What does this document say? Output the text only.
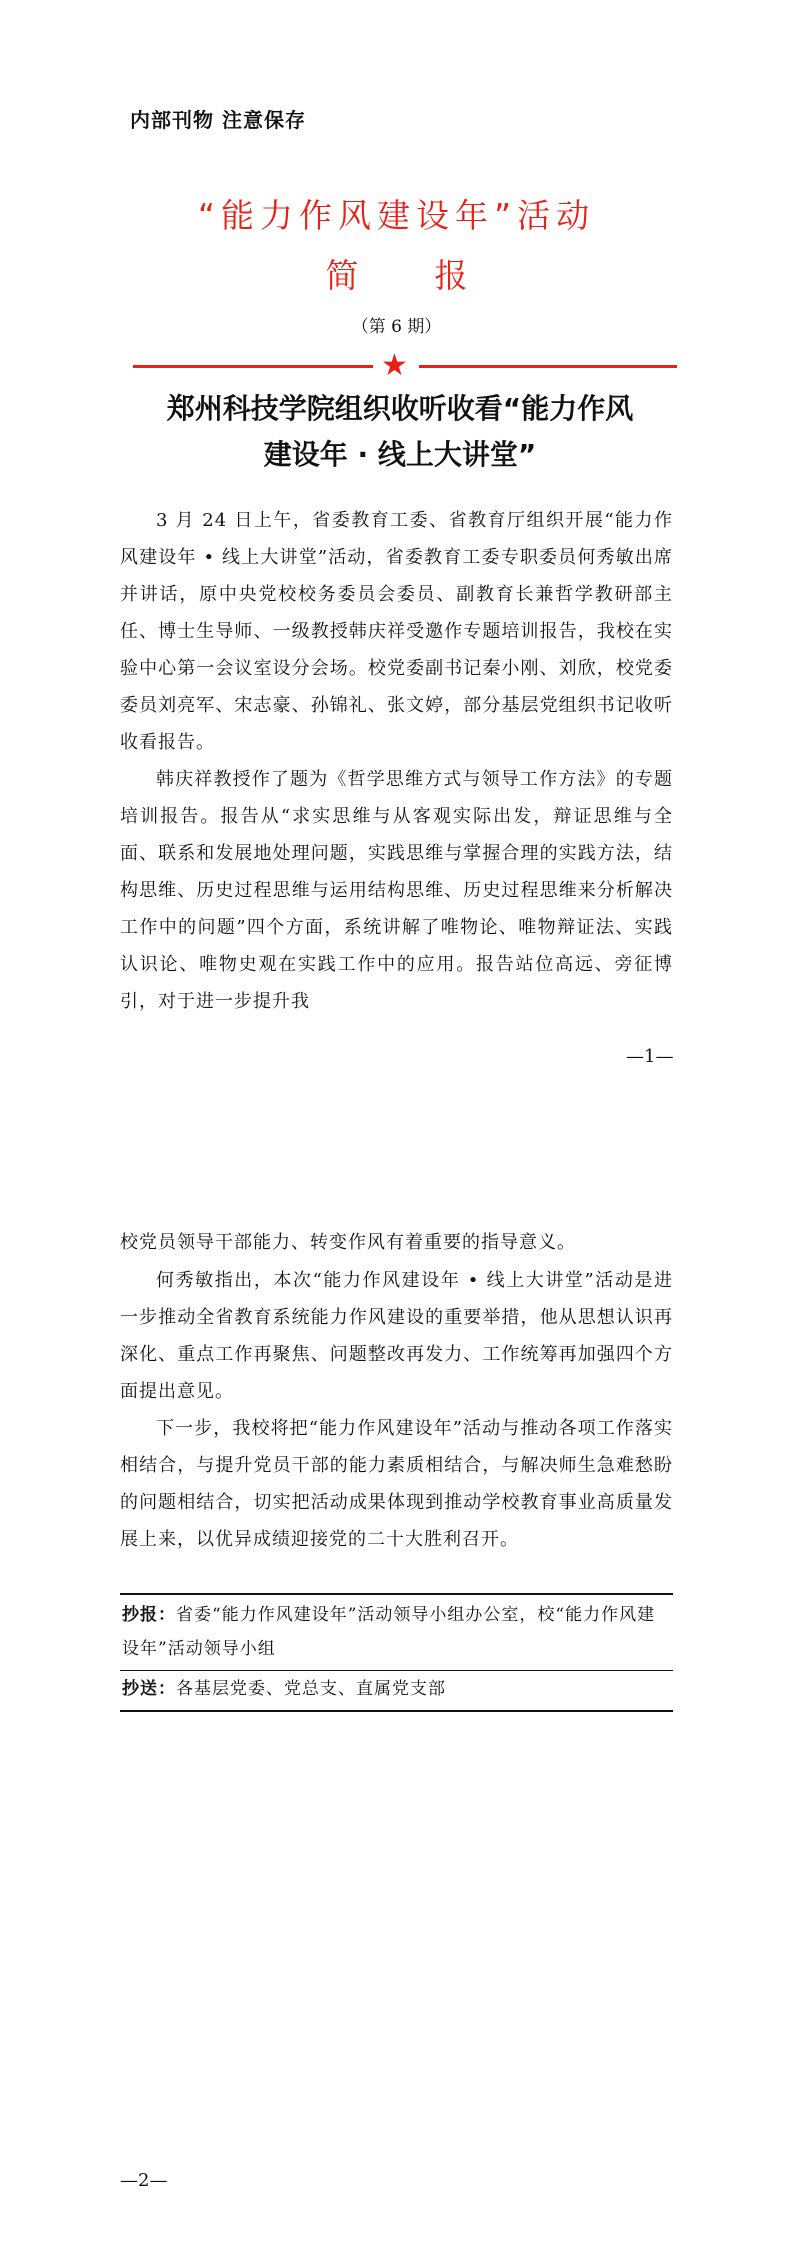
内部刊物 注意保存
“能力作风建设年”活动
简 报
（第 6 期）
★
郑州科技学院组织收听收看“能力作风
建设年 · 线上大讲堂”
3 月 24 日上午，省委教育工委、省教育厅组织开展“能力作风建设年 • 线上大讲堂”活动，省委教育工委专职委员何秀敏出席并讲话，原中央党校校务委员会委员、副教育长兼哲学教研部主任、博士生导师、一级教授韩庆祥受邀作专题培训报告，我校在实验中心第一会议室设分会场。校党委副书记秦小刚、刘欣，校党委委员刘亮军、宋志豪、孙锦礼、张文婷，部分基层党组织书记收听收看报告。
韩庆祥教授作了题为《哲学思维方式与领导工作方法》的专题培训报告。报告从“求实思维与从客观实际出发，辩证思维与全面、联系和发展地处理问题，实践思维与掌握合理的实践方法，结构思维、历史过程思维与运用结构思维、历史过程思维来分析解决工作中的问题”四个方面，系统讲解了唯物论、唯物辩证法、实践认识论、唯物史观在实践工作中的应用。报告站位高远、旁征博引，对于进一步提升我
—1—
校党员领导干部能力、转变作风有着重要的指导意义。
何秀敏指出，本次“能力作风建设年 • 线上大讲堂”活动是进一步推动全省教育系统能力作风建设的重要举措，他从思想认识再深化、重点工作再聚焦、问题整改再发力、工作统筹再加强四个方面提出意见。
下一步，我校将把“能力作风建设年”活动与推动各项工作落实相结合，与提升党员干部的能力素质相结合，与解决师生急难愁盼的问题相结合，切实把活动成果体现到推动学校教育事业高质量发展上来，以优异成绩迎接党的二十大胜利召开。
抄报：省委“能力作风建设年”活动领导小组办公室，校“能力作风建设年”活动领导小组
抄送：各基层党委、党总支、直属党支部
—2—
